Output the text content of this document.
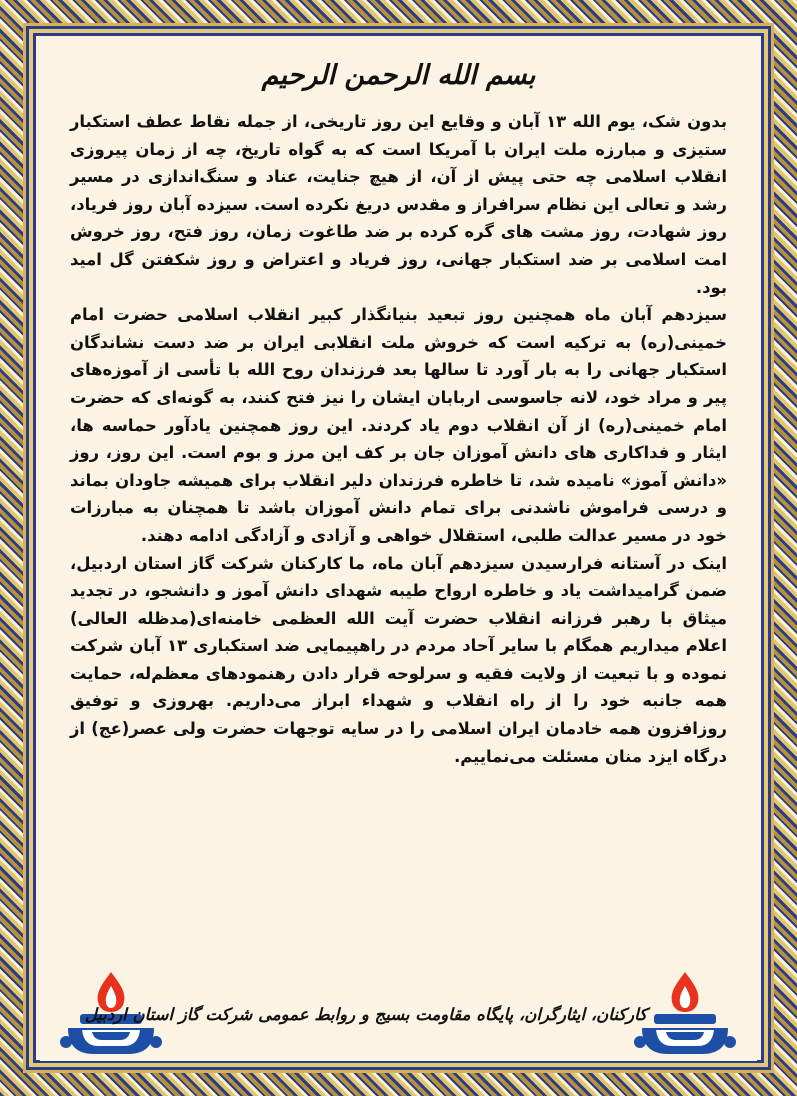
بسم الله الرحمن الرحیم

بدون شک، یوم الله ۱۳ آبان و وقایع این روز تاریخی، از جمله نقاط عطف استکبار ستیزی و مبارزه ملت ایران با آمریکا است که به گواه تاریخ، چه از زمان پیروزی انقلاب اسلامی چه حتی پیش از آن، از هیچ جنایت، عناد و سنگ‌اندازی در مسیر رشد و تعالی این نظام سرافراز و مقدس دریغ نکرده است. سیزده آبان روز فریاد، روز شهادت، روز مشت های گره کرده بر ضد طاغوت زمان، روز فتح، روز خروش امت اسلامی بر ضد استکبار جهانی، روز فریاد و اعتراض و روز شکفتن گل امید بود.

سیزدهم آبان ماه همچنین روز تبعید بنیانگذار کبیر انقلاب اسلامی حضرت امام خمینی(ره) به ترکیه است که خروش ملت انقلابی ایران بر ضد دست نشاندگان استکبار جهانی را به بار آورد تا سالها بعد فرزندان روح الله با تأسی از آموزه‌های پیر و مراد خود، لانه جاسوسی اربابان ایشان را نیز فتح کنند، به گونه‌ای که حضرت امام خمینی(ره) از آن انقلاب دوم یاد کردند. این روز همچنین یادآور حماسه ها، ایثار و فداکاری های دانش آموزان جان بر کف این مرز و بوم است. این روز، روز «دانش آموز» نامیده شد، تا خاطره فرزندان دلیر انقلاب برای همیشه جاودان بماند و درسی فراموش ناشدنی برای تمام دانش آموزان باشد تا همچنان به مبارزات خود در مسیر عدالت طلبی، استقلال خواهی و آزادی و آزادگی ادامه دهند.

اینک در آستانه فرارسیدن سیزدهم آبان ماه، ما کارکنان شرکت گاز استان اردبیل، ضمن گرامیداشت یاد و خاطره ارواح طیبه شهدای دانش آموز و دانشجو، در تجدید میثاق با رهبر فرزانه انقلاب حضرت آیت الله العظمی خامنه‌ای(مدظله العالی) اعلام میداریم همگام با سایر آحاد مردم در راهپیمایی ضد استکباری ۱۳ آبان شرکت نموده و با تبعیت از ولایت فقیه و سرلوحه قرار دادن رهنمودهای معظم‌له، حمایت همه جانبه خود را از راه انقلاب و شهداء ابراز می‌داریم. بهروزی و توفیق روزافزون همه خادمان ایران اسلامی را در سایه توجهات حضرت ولی عصر(عج) از درگاه ایزد منان مسئلت می‌نماییم.

کارکنان، ایثارگران، پایگاه مقاومت بسیج و روابط عمومی شرکت گاز استان اردبیل
